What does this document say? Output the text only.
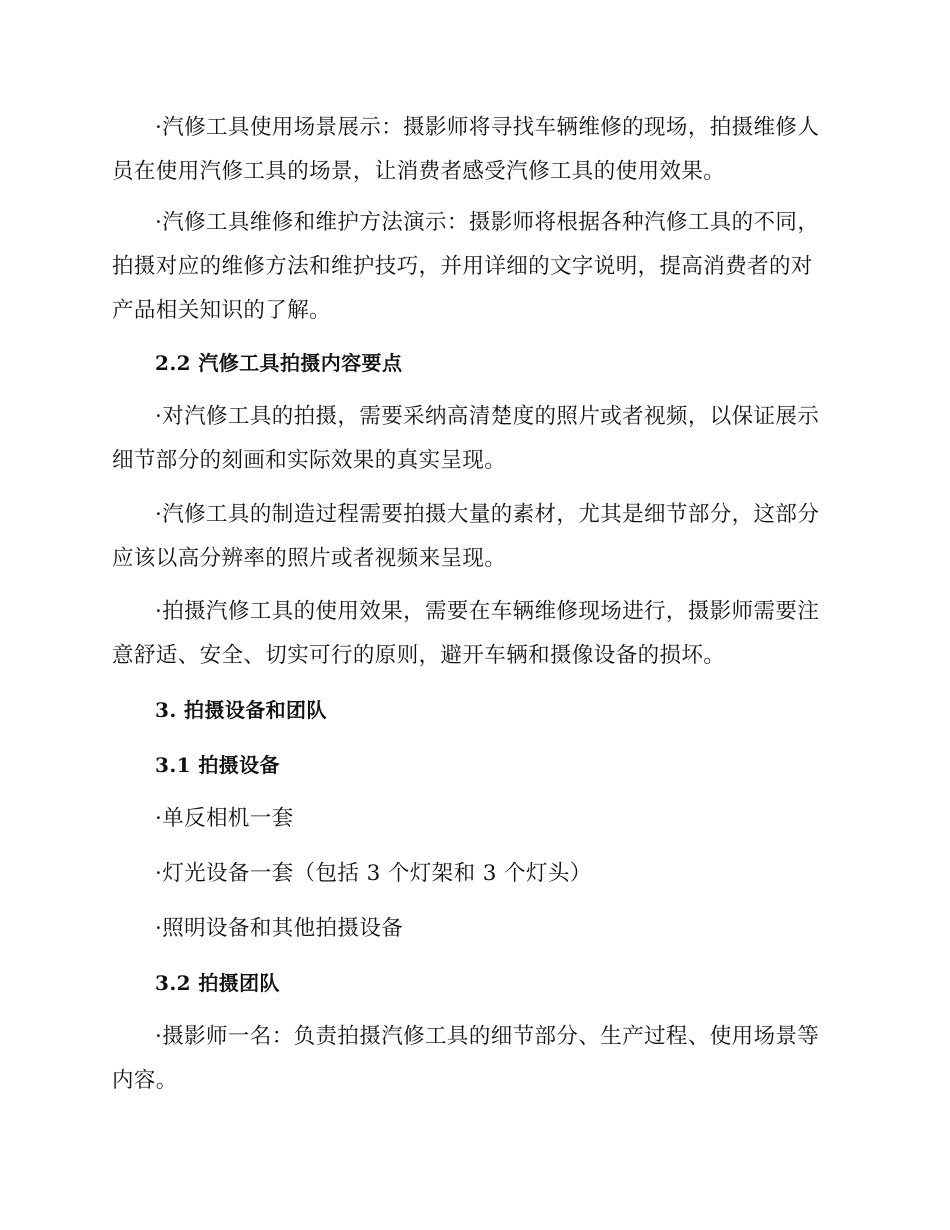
·汽修工具使用场景展示：摄影师将寻找车辆维修的现场，拍摄维修人员在使用汽修工具的场景，让消费者感受汽修工具的使用效果。

·汽修工具维修和维护方法演示：摄影师将根据各种汽修工具的不同，拍摄对应的维修方法和维护技巧，并用详细的文字说明，提高消费者的对产品相关知识的了解。

2.2 汽修工具拍摄内容要点

·对汽修工具的拍摄，需要采纳高清楚度的照片或者视频，以保证展示细节部分的刻画和实际效果的真实呈现。

·汽修工具的制造过程需要拍摄大量的素材，尤其是细节部分，这部分应该以高分辨率的照片或者视频来呈现。

·拍摄汽修工具的使用效果，需要在车辆维修现场进行，摄影师需要注意舒适、安全、切实可行的原则，避开车辆和摄像设备的损坏。

3. 拍摄设备和团队

3.1 拍摄设备

·单反相机一套

·灯光设备一套（包括 3 个灯架和 3 个灯头）

·照明设备和其他拍摄设备

3.2 拍摄团队

·摄影师一名：负责拍摄汽修工具的细节部分、生产过程、使用场景等内容。
